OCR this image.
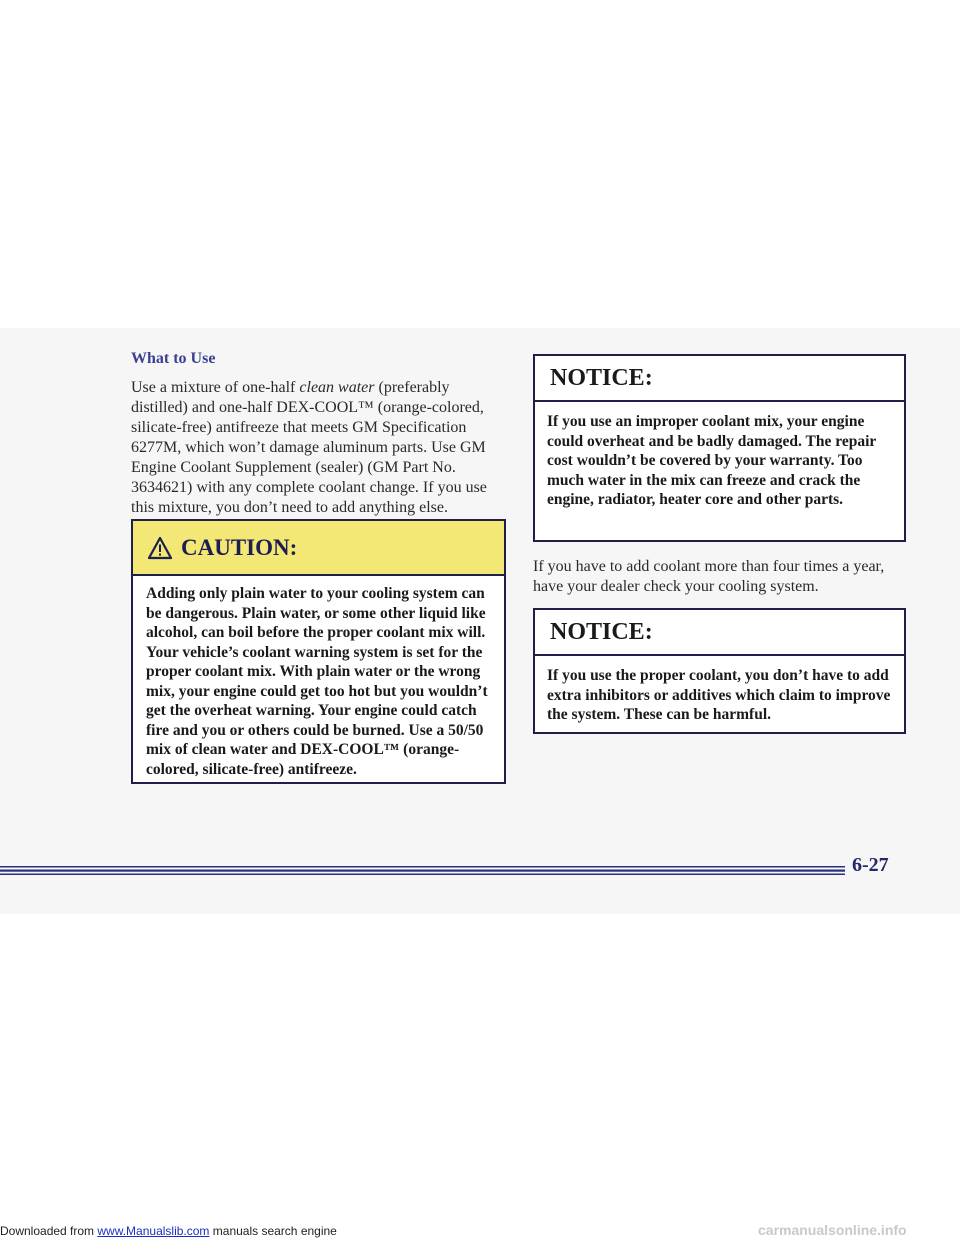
What to Use
Use a mixture of one-half clean water (preferably distilled) and one-half DEX-COOL™ (orange-colored, silicate-free) antifreeze that meets GM Specification 6277M, which won’t damage aluminum parts. Use GM Engine Coolant Supplement (sealer) (GM Part No. 3634621) with any complete coolant change. If you use this mixture, you don’t need to add anything else.
CAUTION:
Adding only plain water to your cooling system can be dangerous. Plain water, or some other liquid like alcohol, can boil before the proper coolant mix will. Your vehicle’s coolant warning system is set for the proper coolant mix. With plain water or the wrong mix, your engine could get too hot but you wouldn’t get the overheat warning. Your engine could catch fire and you or others could be burned. Use a 50/50 mix of clean water and DEX-COOL™ (orange-colored, silicate-free) antifreeze.
NOTICE:
If you use an improper coolant mix, your engine could overheat and be badly damaged. The repair cost wouldn’t be covered by your warranty. Too much water in the mix can freeze and crack the engine, radiator, heater core and other parts.
If you have to add coolant more than four times a year, have your dealer check your cooling system.
NOTICE:
If you use the proper coolant, you don’t have to add extra inhibitors or additives which claim to improve the system. These can be harmful.
6-27
Downloaded from www.Manualslib.com manuals search engine	carmanualsonline.info
